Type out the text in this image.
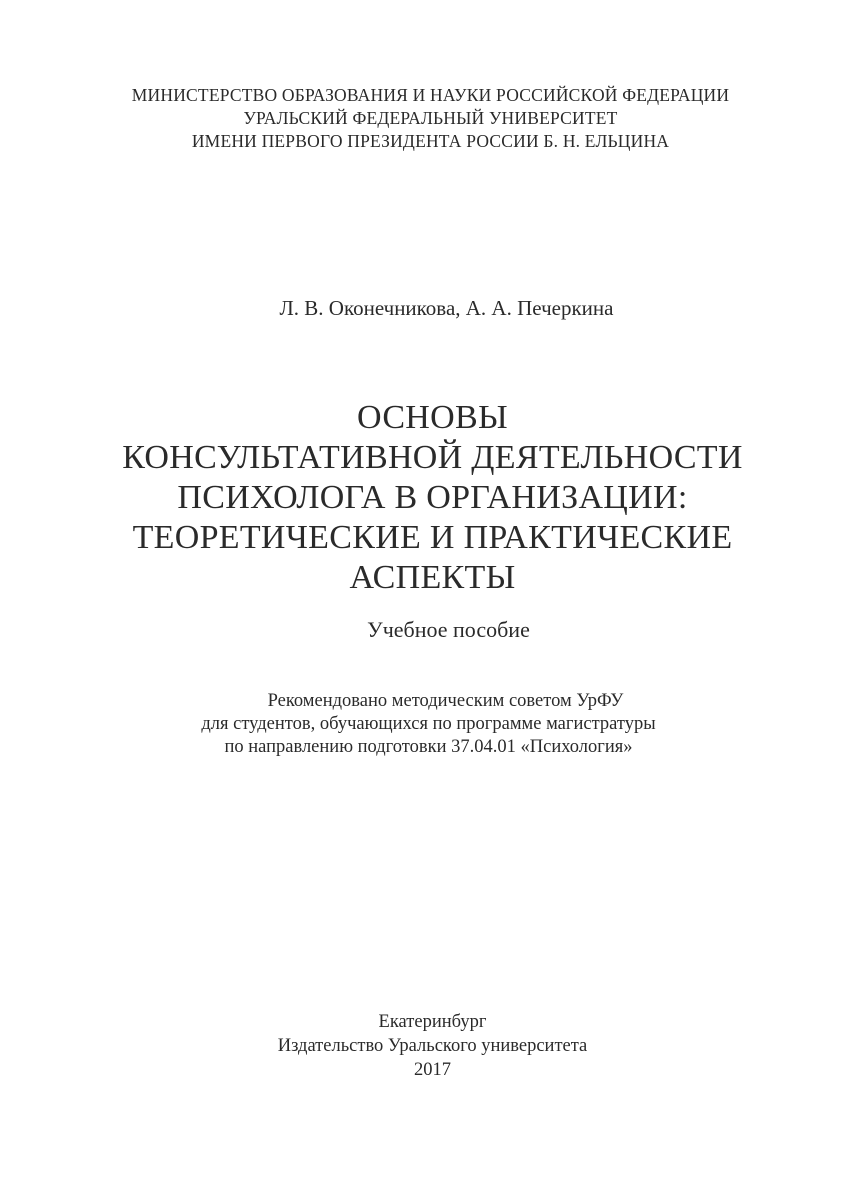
МИНИСТЕРСТВО ОБРАЗОВАНИЯ И НАУКИ РОССИЙСКОЙ ФЕДЕРАЦИИ
УРАЛЬСКИЙ ФЕДЕРАЛЬНЫЙ УНИВЕРСИТЕТ
ИМЕНИ ПЕРВОГО ПРЕЗИДЕНТА РОССИИ Б. Н. ЕЛЬЦИНА
Л. В. Оконечникова, А. А. Печеркина
ОСНОВЫ
КОНСУЛЬТАТИВНОЙ ДЕЯТЕЛЬНОСТИ
ПСИХОЛОГА В ОРГАНИЗАЦИИ:
ТЕОРЕТИЧЕСКИЕ И ПРАКТИЧЕСКИЕ
АСПЕКТЫ
Учебное пособие
Рекомендовано методическим советом УрФУ
для студентов, обучающихся по программе магистратуры
по направлению подготовки 37.04.01 «Психология»
Екатеринбург
Издательство Уральского университета
2017
